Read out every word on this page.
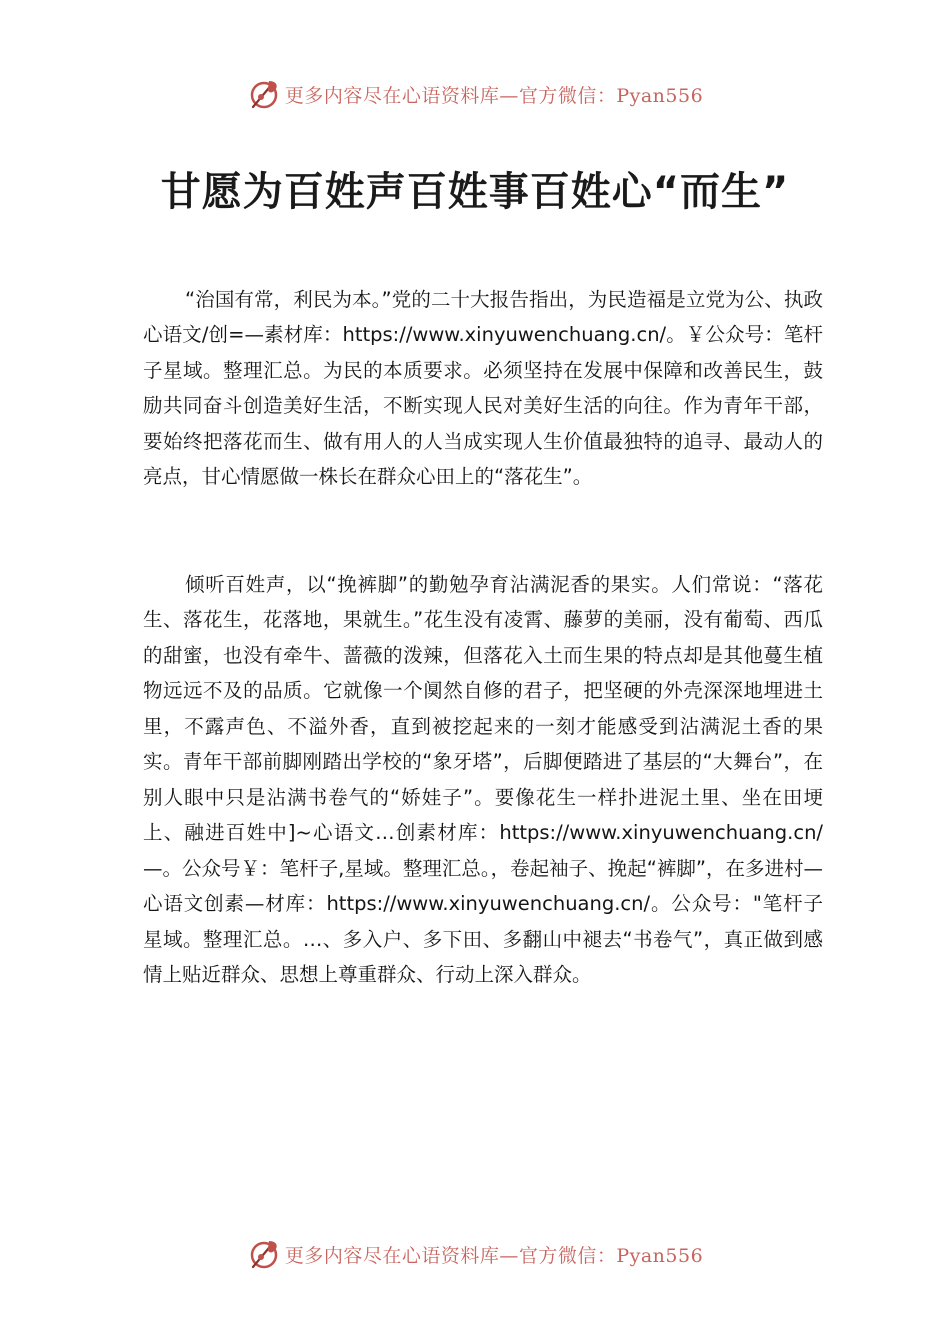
更多内容尽在心语资料库—官方微信：Pyan556
甘愿为百姓声百姓事百姓心“而生”

“治国有常，利民为本。”党的二十大报告指出，为民造福是立党为公、执政心语文/创=—素材库：https://www.xinyuwenchuang.cn/。￥公众号：笔杆子星域。整理汇总。为民的本质要求。必须坚持在发展中保障和改善民生，鼓励共同奋斗创造美好生活，不断实现人民对美好生活的向往。作为青年干部，要始终把落花而生、做有用人的人当成实现人生价值最独特的追寻、最动人的亮点，甘心情愿做一株长在群众心田上的“落花生”。

倾听百姓声，以“挽裤脚”的勤勉孕育沾满泥香的果实。人们常说：“落花生、落花生，花落地，果就生。”花生没有凌霄、藤萝的美丽，没有葡萄、西瓜的甜蜜，也没有牵牛、蔷薇的泼辣，但落花入土而生果的特点却是其他蔓生植物远远不及的品质。它就像一个阒然自修的君子，把坚硬的外壳深深地埋进土里，不露声色、不溢外香，直到被挖起来的一刻才能感受到沾满泥土香的果实。青年干部前脚刚踏出学校的“象牙塔”，后脚便踏进了基层的“大舞台”，在别人眼中只是沾满书卷气的“娇娃子”。要像花生一样扑进泥土里、坐在田埂上、融进百姓中]~心语文…创素材库：https://www.xinyuwenchuang.cn/—。公众号￥：笔杆子,星域。整理汇总。，卷起袖子、挽起“裤脚”，在多进村—心语文创素—材库：https://www.xinyuwenchuang.cn/。公众号："笔杆子星域。整理汇总。…、多入户、多下田、多翻山中褪去“书卷气”，真正做到感情上贴近群众、思想上尊重群众、行动上深入群众。

更多内容尽在心语资料库—官方微信：Pyan556
